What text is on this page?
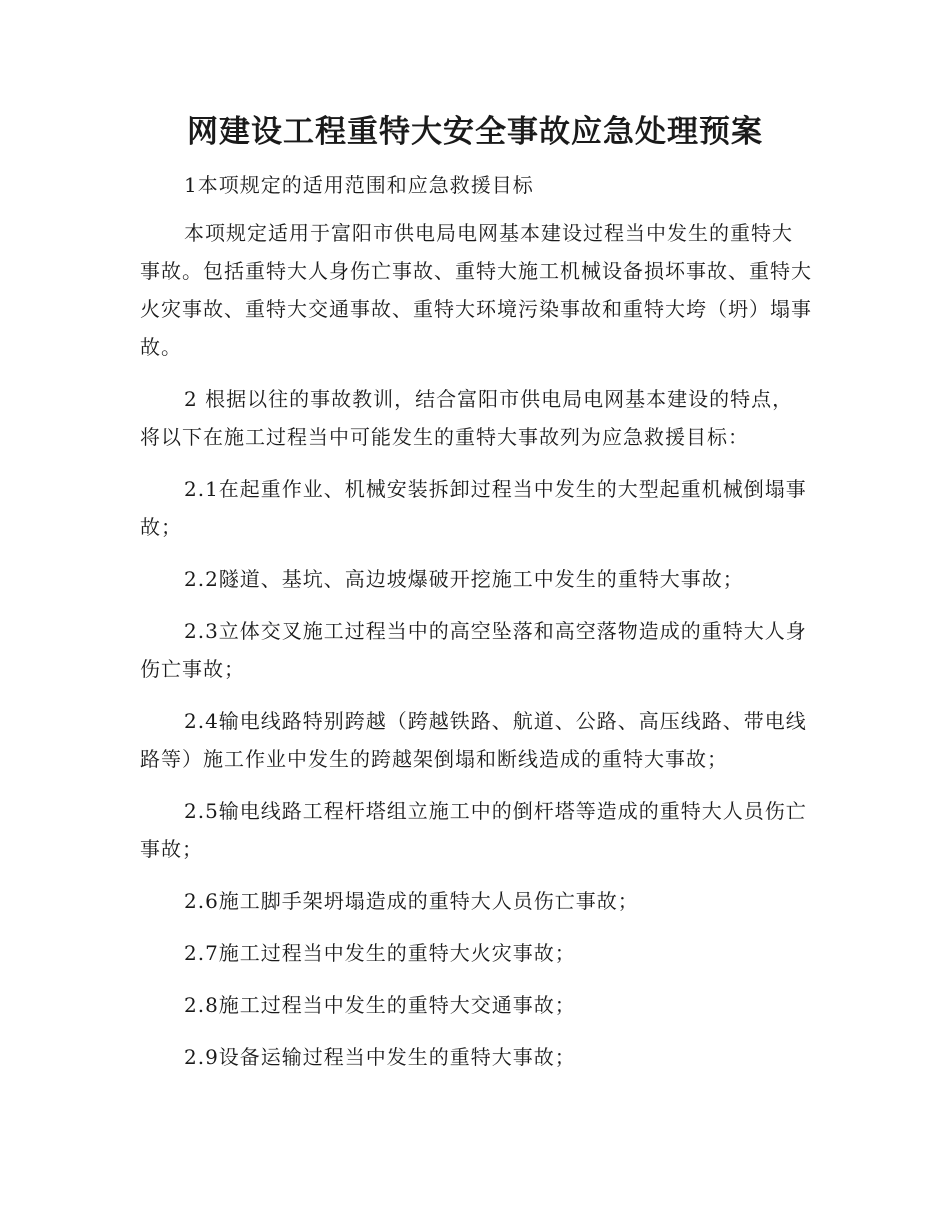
网建设工程重特大安全事故应急处理预案

1本项规定的适用范围和应急救援目标

本项规定适用于富阳市供电局电网基本建设过程当中发生的重特大事故。包括重特大人身伤亡事故、重特大施工机械设备损坏事故、重特大火灾事故、重特大交通事故、重特大环境污染事故和重特大垮（坍）塌事故。

2 根据以往的事故教训，结合富阳市供电局电网基本建设的特点，将以下在施工过程当中可能发生的重特大事故列为应急救援目标：

2.1在起重作业、机械安装拆卸过程当中发生的大型起重机械倒塌事故；

2.2隧道、基坑、高边坡爆破开挖施工中发生的重特大事故；

2.3立体交叉施工过程当中的高空坠落和高空落物造成的重特大人身伤亡事故；

2.4输电线路特别跨越（跨越铁路、航道、公路、高压线路、带电线路等）施工作业中发生的跨越架倒塌和断线造成的重特大事故；

2.5输电线路工程杆塔组立施工中的倒杆塔等造成的重特大人员伤亡事故；

2.6施工脚手架坍塌造成的重特大人员伤亡事故；

2.7施工过程当中发生的重特大火灾事故；

2.8施工过程当中发生的重特大交通事故；

2.9设备运输过程当中发生的重特大事故；
